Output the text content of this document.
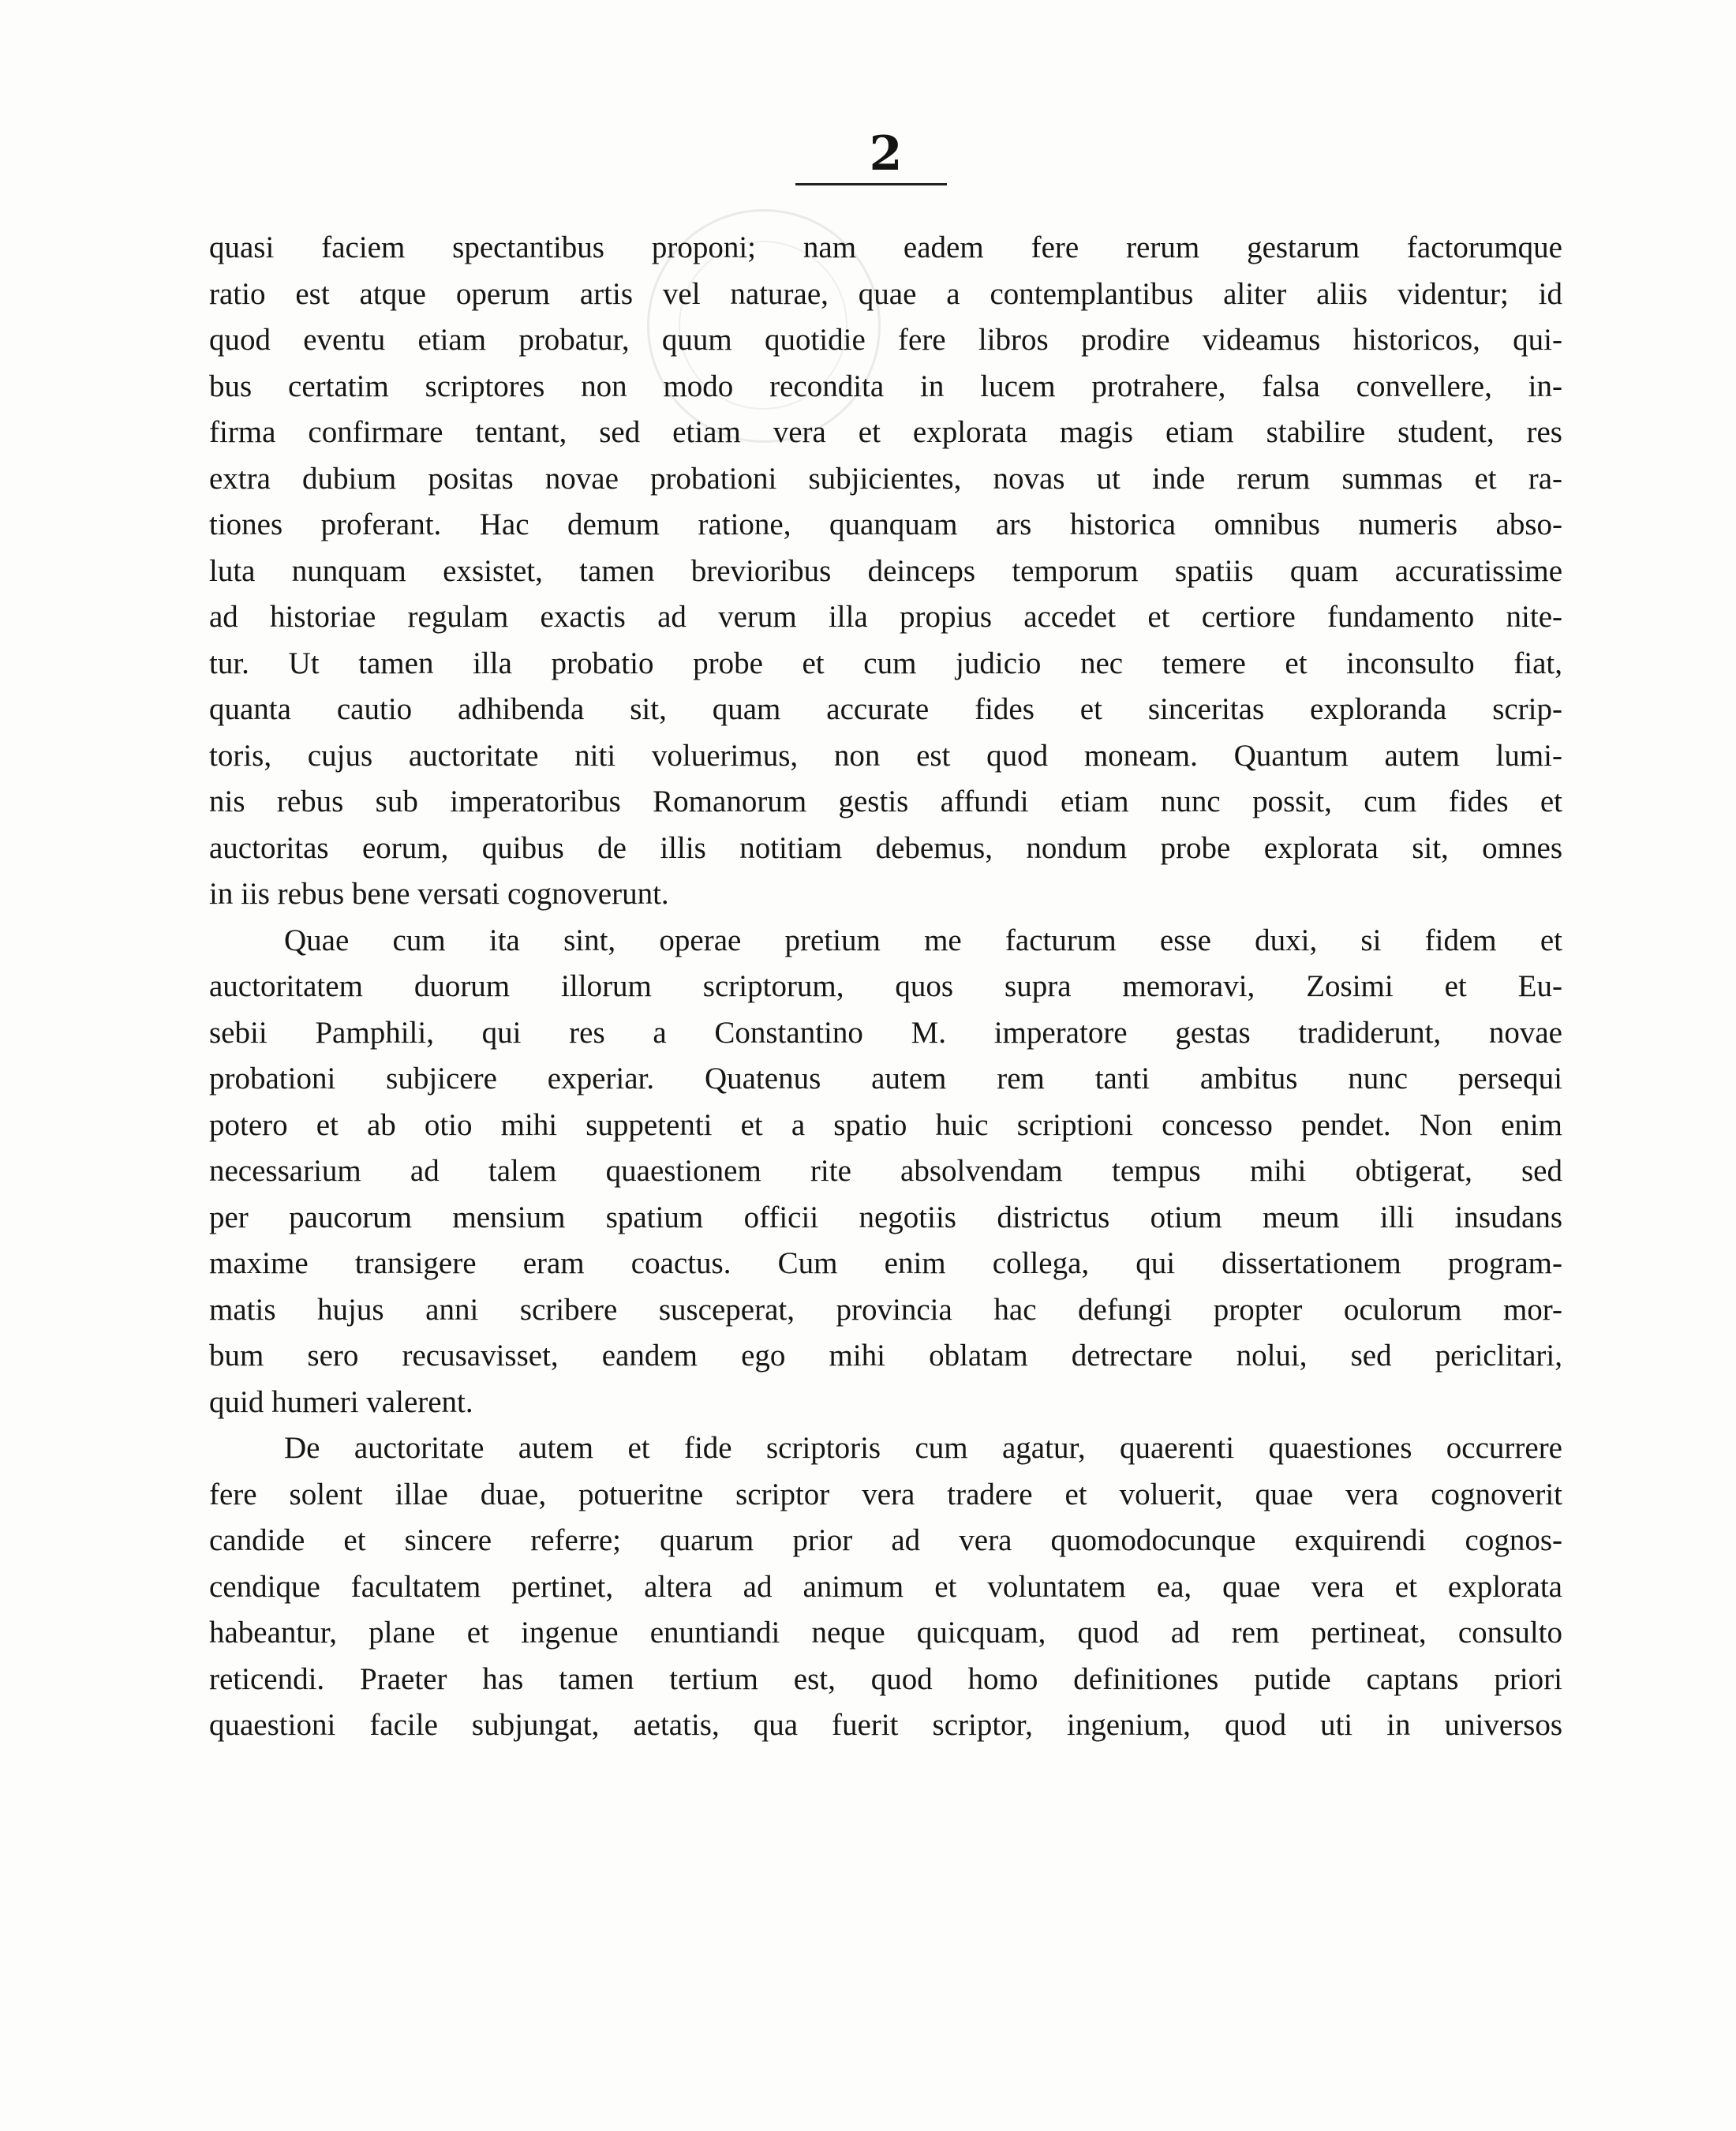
2

quasi faciem spectantibus proponi; nam eadem fere rerum gestarum factorumque

ratio est atque operum artis vel naturae, quae a contemplantibus aliter aliis videntur; id

quod eventu etiam probatur, quum quotidie fere libros prodire videamus historicos, qui-

bus certatim scriptores non modo recondita in lucem protrahere, falsa convellere, in-

firma confirmare tentant, sed etiam vera et explorata magis etiam stabilire student, res

extra dubium positas novae probationi subjicientes, novas ut inde rerum summas et ra-

tiones proferant. Hac demum ratione, quanquam ars historica omnibus numeris abso-

luta nunquam exsistet, tamen brevioribus deinceps temporum spatiis quam accuratissime

ad historiae regulam exactis ad verum illa propius accedet et certiore fundamento nite-

tur. Ut tamen illa probatio probe et cum judicio nec temere et inconsulto fiat,

quanta cautio adhibenda sit, quam accurate fides et sinceritas exploranda scrip-

toris, cujus auctoritate niti voluerimus, non est quod moneam. Quantum autem lumi-

nis rebus sub imperatoribus Romanorum gestis affundi etiam nunc possit, cum fides et

auctoritas eorum, quibus de illis notitiam debemus, nondum probe explorata sit, omnes

in iis rebus bene versati cognoverunt.

Quae cum ita sint, operae pretium me facturum esse duxi, si fidem et

auctoritatem duorum illorum scriptorum, quos supra memoravi, Zosimi et Eu-

sebii Pamphili, qui res a Constantino M. imperatore gestas tradiderunt, novae

probationi subjicere experiar. Quatenus autem rem tanti ambitus nunc persequi

potero et ab otio mihi suppetenti et a spatio huic scriptioni concesso pendet. Non enim

necessarium ad talem quaestionem rite absolvendam tempus mihi obtigerat, sed

per paucorum mensium spatium officii negotiis districtus otium meum illi insudans

maxime transigere eram coactus. Cum enim collega, qui dissertationem program-

matis hujus anni scribere susceperat, provincia hac defungi propter oculorum mor-

bum sero recusavisset, eandem ego mihi oblatam detrectare nolui, sed periclitari,

quid humeri valerent.

De auctoritate autem et fide scriptoris cum agatur, quaerenti quaestiones occurrere

fere solent illae duae, potueritne scriptor vera tradere et voluerit, quae vera cognoverit

candide et sincere referre; quarum prior ad vera quomodocunque exquirendi cognos-

cendique facultatem pertinet, altera ad animum et voluntatem ea, quae vera et explorata

habeantur, plane et ingenue enuntiandi neque quicquam, quod ad rem pertineat, consulto

reticendi. Praeter has tamen tertium est, quod homo definitiones putide captans priori

quaestioni facile subjungat, aetatis, qua fuerit scriptor, ingenium, quod uti in universos
